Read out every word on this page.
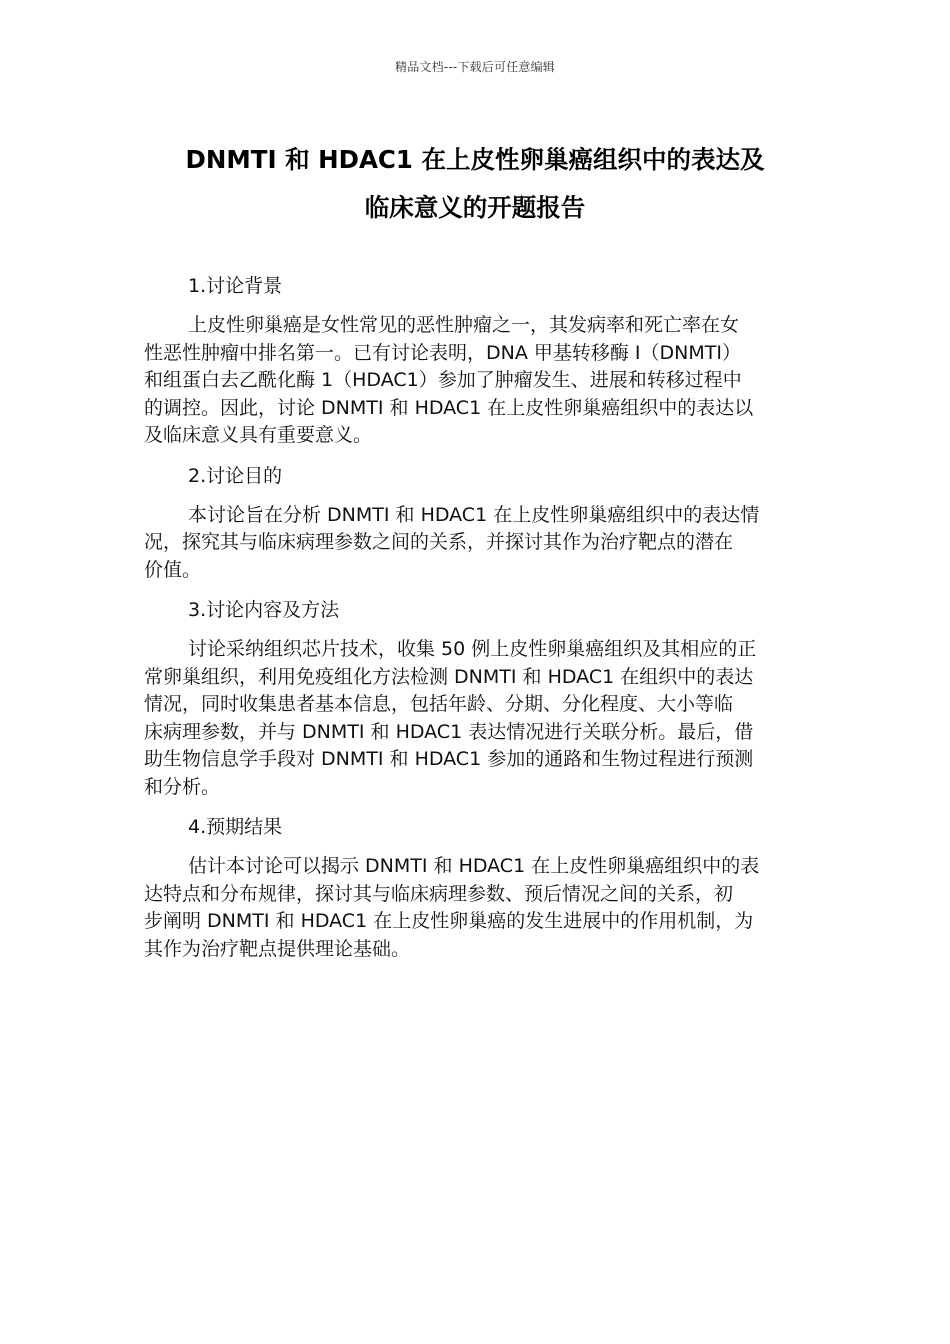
精品文档---下载后可任意编辑
DNMTI 和 HDAC1 在上皮性卵巢癌组织中的表达及
临床意义的开题报告
1.讨论背景

上皮性卵巢癌是女性常见的恶性肿瘤之一，其发病率和死亡率在女
性恶性肿瘤中排名第一。已有讨论表明，DNA 甲基转移酶 I（DNMTI）
和组蛋白去乙酰化酶 1（HDAC1）参加了肿瘤发生、进展和转移过程中
的调控。因此，讨论 DNMTI 和 HDAC1 在上皮性卵巢癌组织中的表达以
及临床意义具有重要意义。

2.讨论目的

本讨论旨在分析 DNMTI 和 HDAC1 在上皮性卵巢癌组织中的表达情
况，探究其与临床病理参数之间的关系，并探讨其作为治疗靶点的潜在
价值。

3.讨论内容及方法

讨论采纳组织芯片技术，收集 50 例上皮性卵巢癌组织及其相应的正
常卵巢组织，利用免疫组化方法检测 DNMTI 和 HDAC1 在组织中的表达
情况，同时收集患者基本信息，包括年龄、分期、分化程度、大小等临
床病理参数，并与 DNMTI 和 HDAC1 表达情况进行关联分析。最后，借
助生物信息学手段对 DNMTI 和 HDAC1 参加的通路和生物过程进行预测
和分析。

4.预期结果

估计本讨论可以揭示 DNMTI 和 HDAC1 在上皮性卵巢癌组织中的表
达特点和分布规律，探讨其与临床病理参数、预后情况之间的关系，初
步阐明 DNMTI 和 HDAC1 在上皮性卵巢癌的发生进展中的作用机制，为
其作为治疗靶点提供理论基础。
